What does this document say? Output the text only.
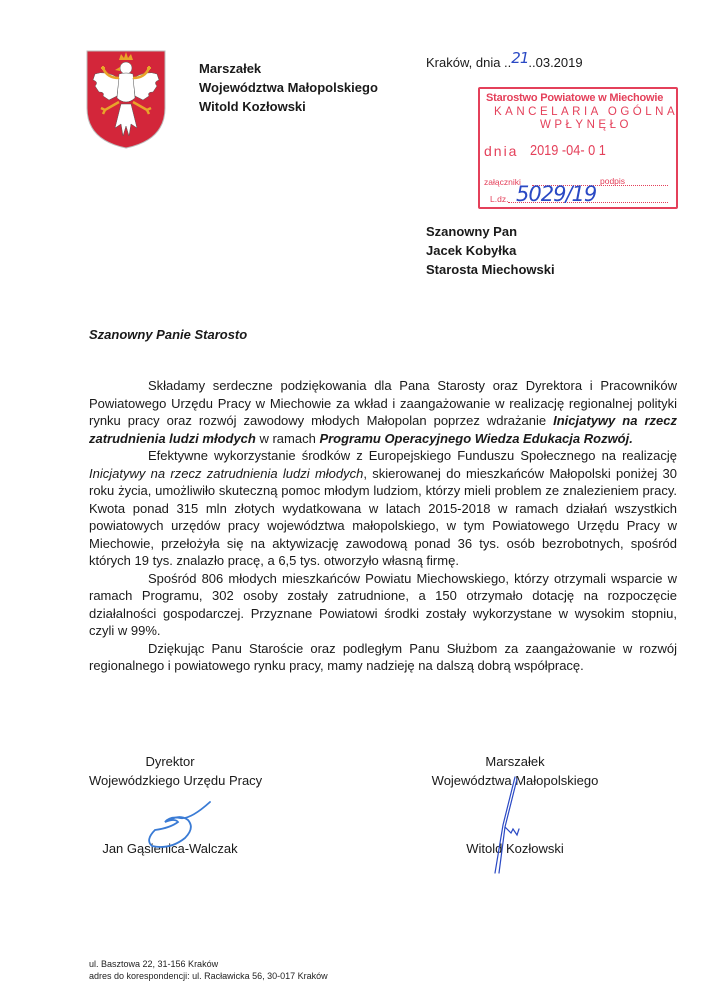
Marszałek
Województwa Małopolskiego
Witold Kozłowski
Kraków, dnia ..21..03.2019
Starostwo Powiatowe w Miechowie
KANCELARIA OGÓLNA
WPŁYNĘŁO
dnia 2019 -04- 0 1
załączniki	podpis
L.dz. 5029/19
Szanowny Pan
Jacek Kobyłka
Starosta Miechowski
Szanowny Panie Starosto

Składamy serdeczne podziękowania dla Pana Starosty oraz Dyrektora i Pracowników Powiatowego Urzędu Pracy w Miechowie za wkład i zaangażowanie w realizację regionalnej polityki rynku pracy oraz rozwój zawodowy młodych Małopolan poprzez wdrażanie Inicjatywy na rzecz zatrudnienia ludzi młodych w ramach Programu Operacyjnego Wiedza Edukacja Rozwój.

Efektywne wykorzystanie środków z Europejskiego Funduszu Społecznego na realizację Inicjatywy na rzecz zatrudnienia ludzi młodych, skierowanej do mieszkańców Małopolski poniżej 30 roku życia, umożliwiło skuteczną pomoc młodym ludziom, którzy mieli problem ze znalezieniem pracy. Kwota ponad 315 mln złotych wydatkowana w latach 2015-2018 w ramach działań wszystkich powiatowych urzędów pracy województwa małopolskiego, w tym Powiatowego Urzędu Pracy w Miechowie, przełożyła się na aktywizację zawodową ponad 36 tys. osób bezrobotnych, spośród których 19 tys. znalazło pracę, a 6,5 tys. otworzyło własną firmę.

Spośród 806 młodych mieszkańców Powiatu Miechowskiego, którzy otrzymali wsparcie w ramach Programu, 302 osoby zostały zatrudnione, a 150 otrzymało dotację na rozpoczęcie działalności gospodarczej. Przyznane Powiatowi środki zostały wykorzystane w wysokim stopniu, czyli w 99%.

Dziękując Panu Staroście oraz podległym Panu Służbom za zaangażowanie w rozwój regionalnego i powiatowego rynku pracy, mamy nadzieję na dalszą dobrą współpracę.

Dyrektor
Wojewódzkiego Urzędu Pracy
Jan Gąsienica-Walczak
Marszałek
Województwa Małopolskiego
Witold Kozłowski
ul. Basztowa 22, 31-156 Kraków
adres do korespondencji: ul. Racławicka 56, 30-017 Kraków
